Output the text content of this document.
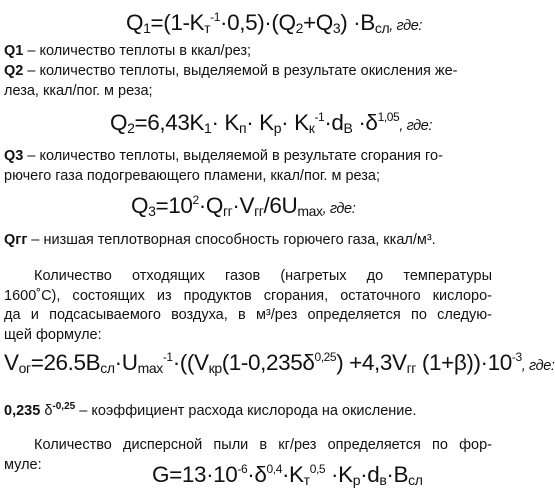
$Q_1=(1-K_т^{-1}\cdot 0,5)\cdot(Q_2+Q_3) \cdot B_{сл}$, где:
Q1 – количество теплоты в ккал/рез;
Q2 – количество теплоты, выделяемой в результате окисления же-
леза, ккал/пог. м реза;
$Q_2=6,43K_1\cdot K_п\cdot K_р\cdot K_к^{-1}\cdot d_B \cdot\delta^{1,05}$, где:
Q3 – количество теплоты, выделяемой в результате сгорания го-
рючего газа подогревающего пламени, ккал/пог. м реза;
$Q_3=10^2\cdot Q_{гг}\cdot V_{гг}/6U_{max}$, где:
Qгг – низшая теплотворная способность горючего газа, ккал/м³.
Количество отходящих газов (нагретых до температуры
1600˚C), состоящих из продуктов сгорания, остаточного кислоро-
да и подсасываемого воздуха, в м³/рез определяется по следую-
щей формуле:
$V_{ог}=26.5B_{сл}\cdot U_{max}^{-1}\cdot((V_{кр}(1-0,235\delta^{0,25}) +4,3V_{гг}$ $(1+\beta))\cdot 10^{-3}$, где:
0,235 $\delta^{-0,25}$ – коэффициент расхода кислорода на окисление.
Количество дисперсной пыли в кг/рез определяется по фор-
муле:	$G=13\cdot 10^{-6}\cdot\delta^{0,4}\cdot K_т^{0,5} \cdot K_р\cdot d_в\cdot B_{сл}$
